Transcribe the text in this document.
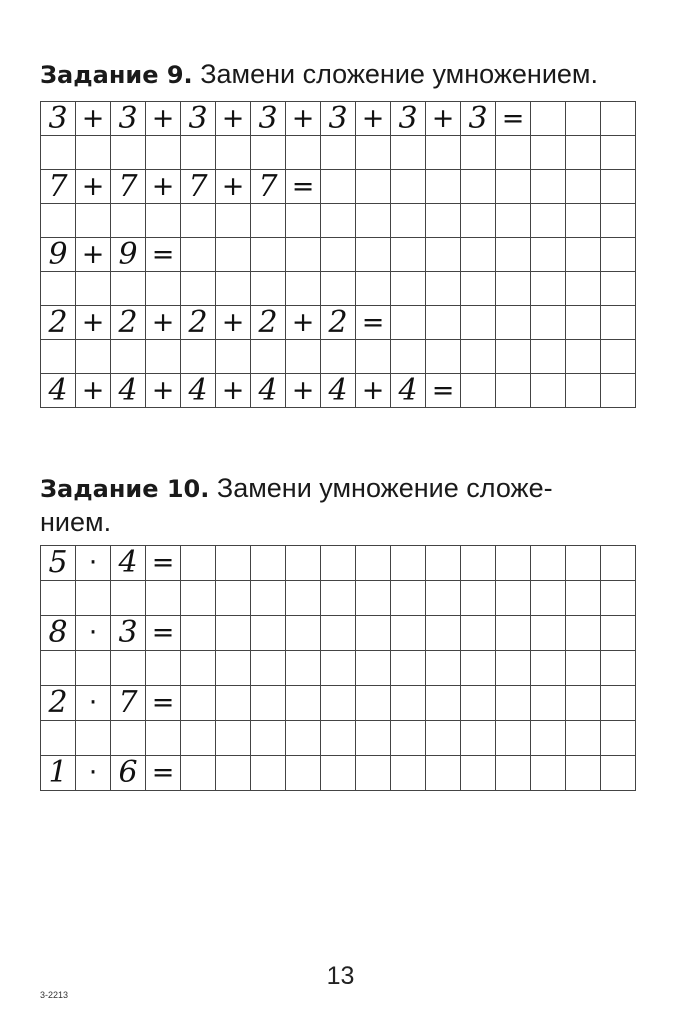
Задание 9. Замени сложение умножением.
3	+	3	+	3	+	3	+	3	+	3	+	3	=			

7	+	7	+	7	+	7	=									

9	+	9	=													

2	+	2	+	2	+	2	+	2	=							

4	+	4	+	4	+	4	+	4	+	4	=					
Задание 10. Замени умножение сложе-
нием.
5	·	4	=													

8	·	3	=													

2	·	7	=													

1	·	6	=													
13
3-2213
